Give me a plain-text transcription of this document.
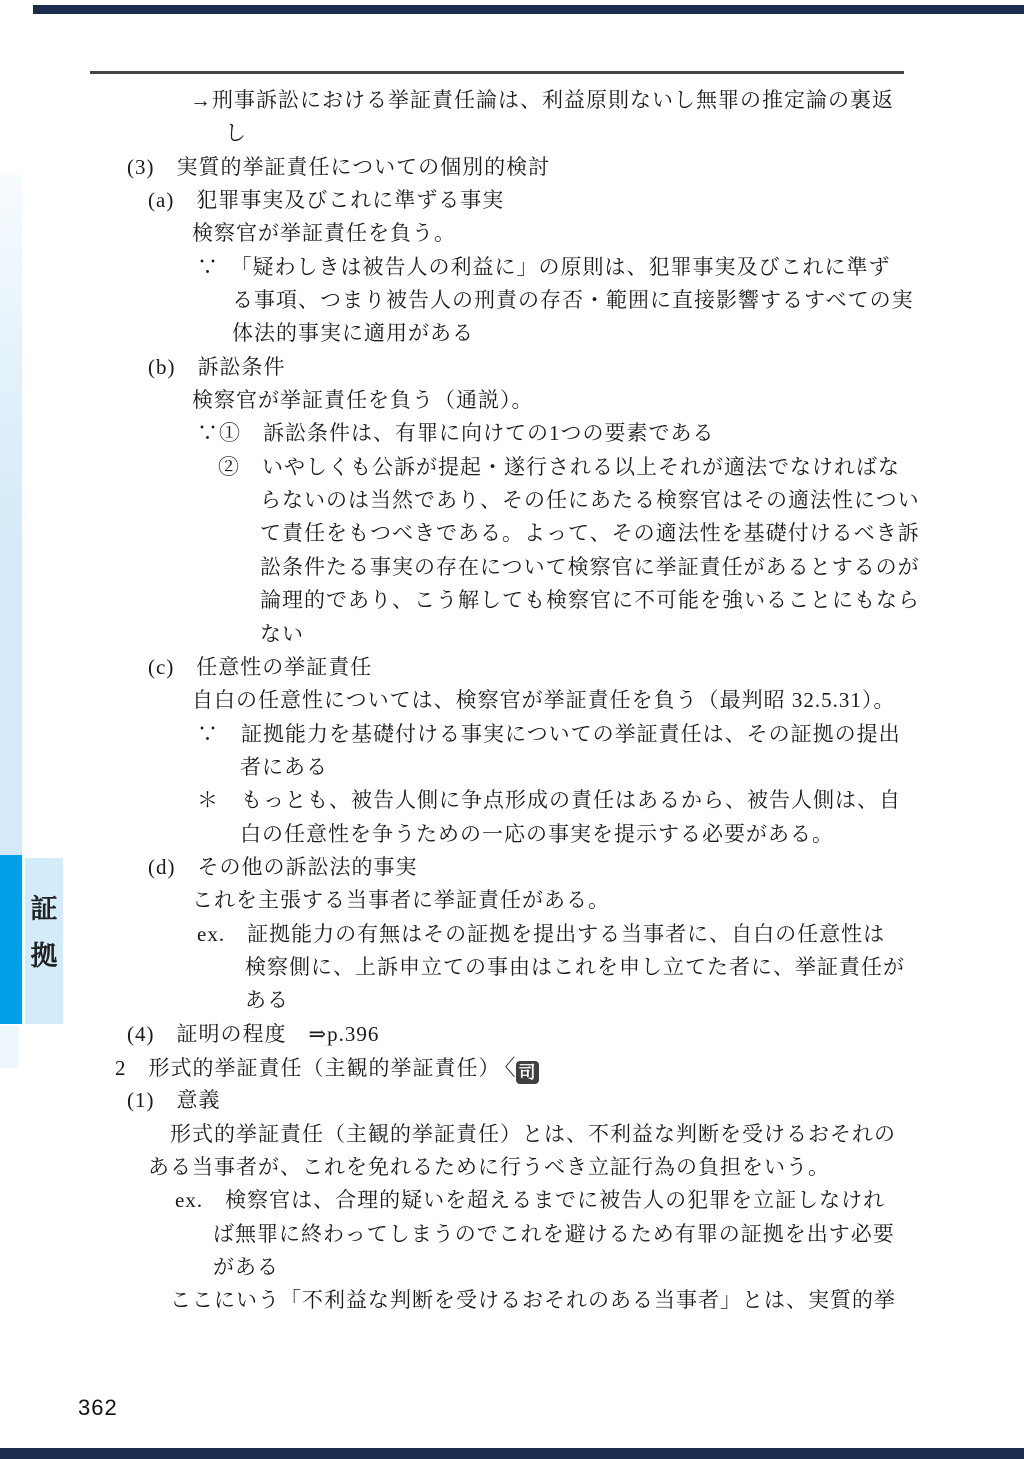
証
拠
→刑事訴訟における挙証責任論は、利益原則ないし無罪の推定論の裏返
し
(3)　実質的挙証責任についての個別的検討
(a)　犯罪事実及びこれに準ずる事実
検察官が挙証責任を負う。
∵　「疑わしきは被告人の利益に」の原則は、犯罪事実及びこれに準ず
る事項、つまり被告人の刑責の存否・範囲に直接影響するすべての実
体法的事実に適用がある
(b)　訴訟条件
検察官が挙証責任を負う（通説）。
∵①　訴訟条件は、有罪に向けての1つの要素である
②　いやしくも公訴が提起・遂行される以上それが適法でなければな
らないのは当然であり、その任にあたる検察官はその適法性につい
て責任をもつべきである。よって、その適法性を基礎付けるべき訴
訟条件たる事実の存在について検察官に挙証責任があるとするのが
論理的であり、こう解しても検察官に不可能を強いることにもなら
ない
(c)　任意性の挙証責任
自白の任意性については、検察官が挙証責任を負う（最判昭 32.5.31）。
∵　証拠能力を基礎付ける事実についての挙証責任は、その証拠の提出
者にある
＊　もっとも、被告人側に争点形成の責任はあるから、被告人側は、自
白の任意性を争うための一応の事実を提示する必要がある。
(d)　その他の訴訟法的事実
これを主張する当事者に挙証責任がある。
ex.　証拠能力の有無はその証拠を提出する当事者に、自白の任意性は
検察側に、上訴申立ての事由はこれを申し立てた者に、挙証責任が
ある
(4)　証明の程度　⇒p.396
2　形式的挙証責任（主観的挙証責任） 〈 司
(1)　意義
形式的挙証責任（主観的挙証責任）とは、不利益な判断を受けるおそれの
ある当事者が、これを免れるために行うべき立証行為の負担をいう。
ex.　検察官は、合理的疑いを超えるまでに被告人の犯罪を立証しなけれ
ば無罪に終わってしまうのでこれを避けるため有罪の証拠を出す必要
がある
ここにいう「不利益な判断を受けるおそれのある当事者」とは、実質的挙
362
